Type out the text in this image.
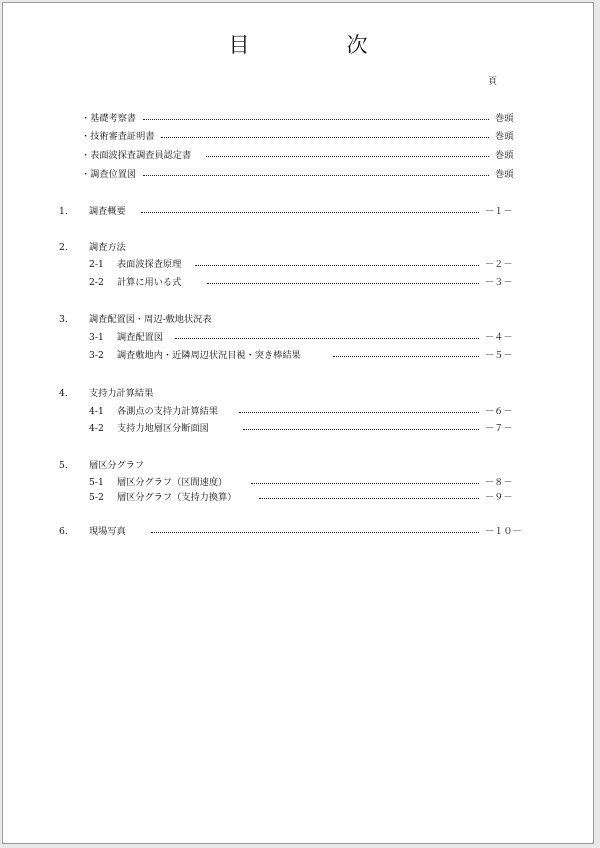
目　次
頁
・基礎考察書	巻頭
・技術審査証明書	巻頭
・表面波探査調査員認定書	巻頭
・調査位置図	巻頭
1． 調査概要	－１－
2． 調査方法
2-1 表面波探査原理	－２－
2-2 計算に用いる式	－３－
3． 調査配置図・周辺-敷地状況表
3-1 調査配置図	－４－
3-2 調査敷地内・近隣周辺状況目視・突き棒結果	－５－
4． 支持力計算結果
4-1 各測点の支持力計算結果	－６－
4-2 支持力地層区分断面図	－７－
5． 層区分グラフ
5-1 層区分グラフ（区間速度）	－８－
5-2 層区分グラフ（支持力換算）	－９－
6． 現場写真	－１０－
